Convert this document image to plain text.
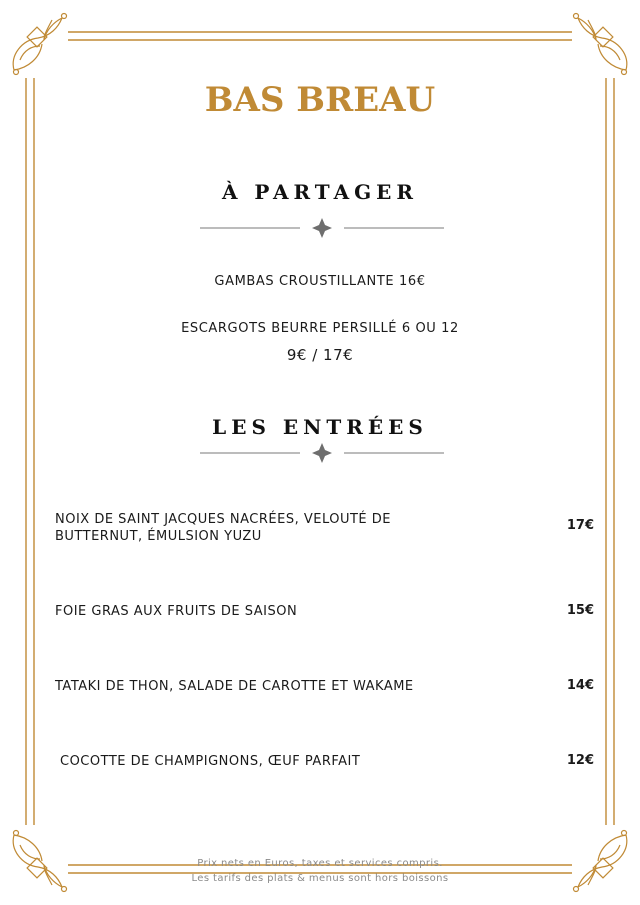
BAS BREAU
À PARTAGER
GAMBAS CROUSTILLANTE 16€
ESCARGOTS BEURRE PERSILLÉ 6 OU 12
9€ / 17€
LES ENTRÉES
NOIX DE SAINT JACQUES NACRÉES, VELOUTÉ DE
BUTTERNUT, ÉMULSION YUZU
17€
FOIE GRAS AUX FRUITS DE SAISON	15€
TATAKI DE THON, SALADE DE CAROTTE ET WAKAME	14€
COCOTTE DE CHAMPIGNONS, ŒUF PARFAIT	12€
Prix nets en Euros, taxes et services compris.
Les tarifs des plats & menus sont hors boissons
